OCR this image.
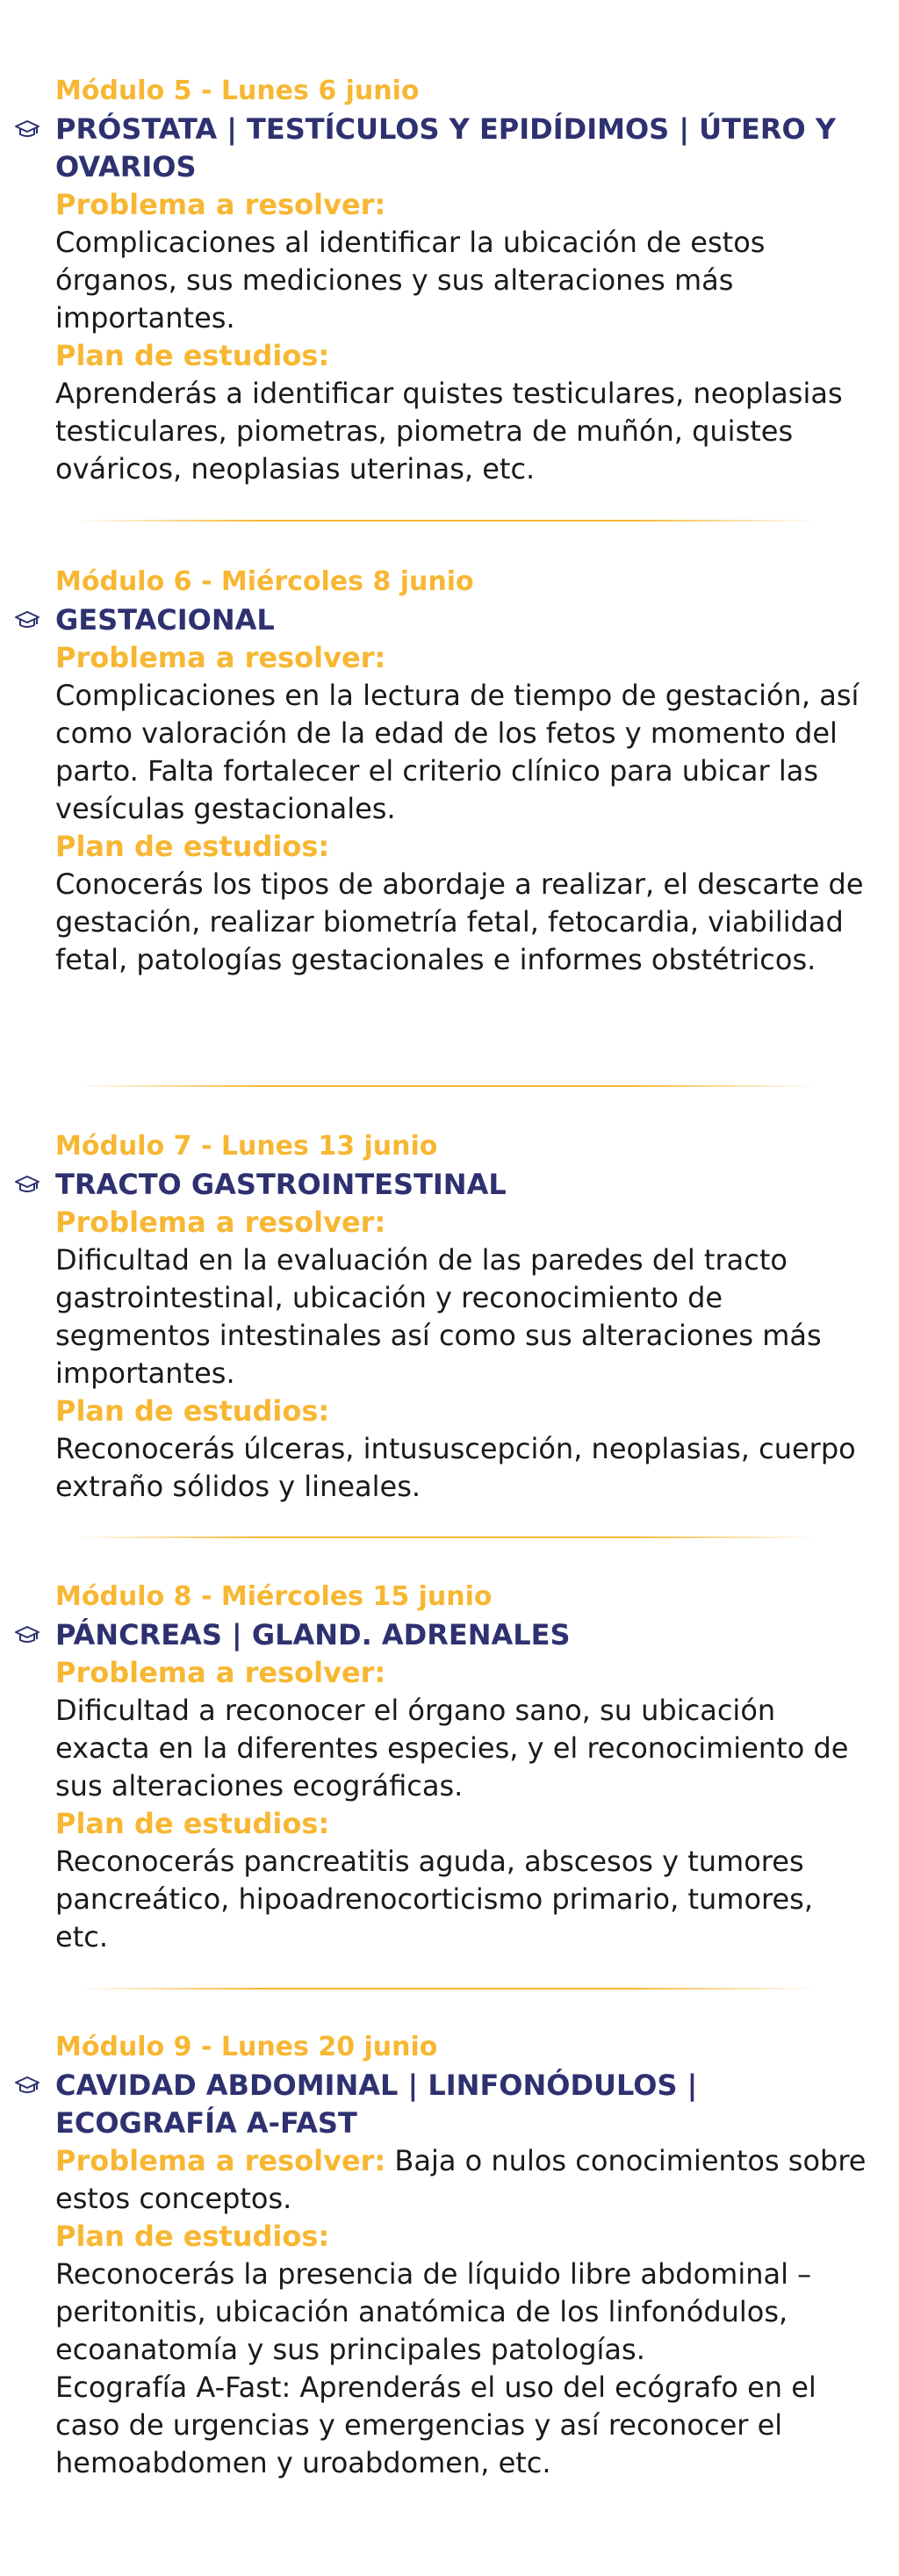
Módulo 5 - Lunes 6 junio
PRÓSTATA | TESTÍCULOS Y EPIDÍDIMOS | ÚTERO Y OVARIOS

Problema a resolver:

Complicaciones al identificar la ubicación de estos órganos, sus mediciones y sus alteraciones más importantes.

Plan de estudios:

Aprenderás a identificar quistes testiculares, neoplasias testiculares, piometras, piometra de muñón, quistes ováricos, neoplasias uterinas, etc.

Módulo 6 - Miércoles 8 junio
GESTACIONAL

Problema a resolver:

Complicaciones en la lectura de tiempo de gestación, así como valoración de la edad de los fetos y momento del parto. Falta fortalecer el criterio clínico para ubicar las vesículas gestacionales.

Plan de estudios:

Conocerás los tipos de abordaje a realizar, el descarte de gestación, realizar biometría fetal, fetocardia, viabilidad fetal, patologías gestacionales e informes obstétricos.

Módulo 7 - Lunes 13 junio
TRACTO GASTROINTESTINAL

Problema a resolver:

Dificultad en la evaluación de las paredes del tracto gastrointestinal, ubicación y reconocimiento de segmentos intestinales así como sus alteraciones más importantes.

Plan de estudios:

Reconocerás úlceras, intususcepción, neoplasias, cuerpo extraño sólidos y lineales.

Módulo 8 - Miércoles 15 junio
PÁNCREAS | GLAND. ADRENALES

Problema a resolver:

Dificultad a reconocer el órgano sano, su ubicación exacta en la diferentes especies, y el reconocimiento de sus alteraciones ecográficas.

Plan de estudios:

Reconocerás pancreatitis aguda, abscesos y tumores pancreático, hipoadrenocorticismo primario, tumores, etc.

Módulo 9 - Lunes 20 junio
CAVIDAD ABDOMINAL | LINFONÓDULOS | ECOGRAFÍA A-FAST

Problema a resolver: Baja o nulos conocimientos sobre estos conceptos.

Plan de estudios:

Reconocerás la presencia de líquido libre abdominal – peritonitis, ubicación anatómica de los linfonódulos, ecoanatomía y sus principales patologías.

Ecografía A-Fast: Aprenderás el uso del ecógrafo en el caso de urgencias y emergencias y así reconocer el hemoabdomen y uroabdomen, etc.
